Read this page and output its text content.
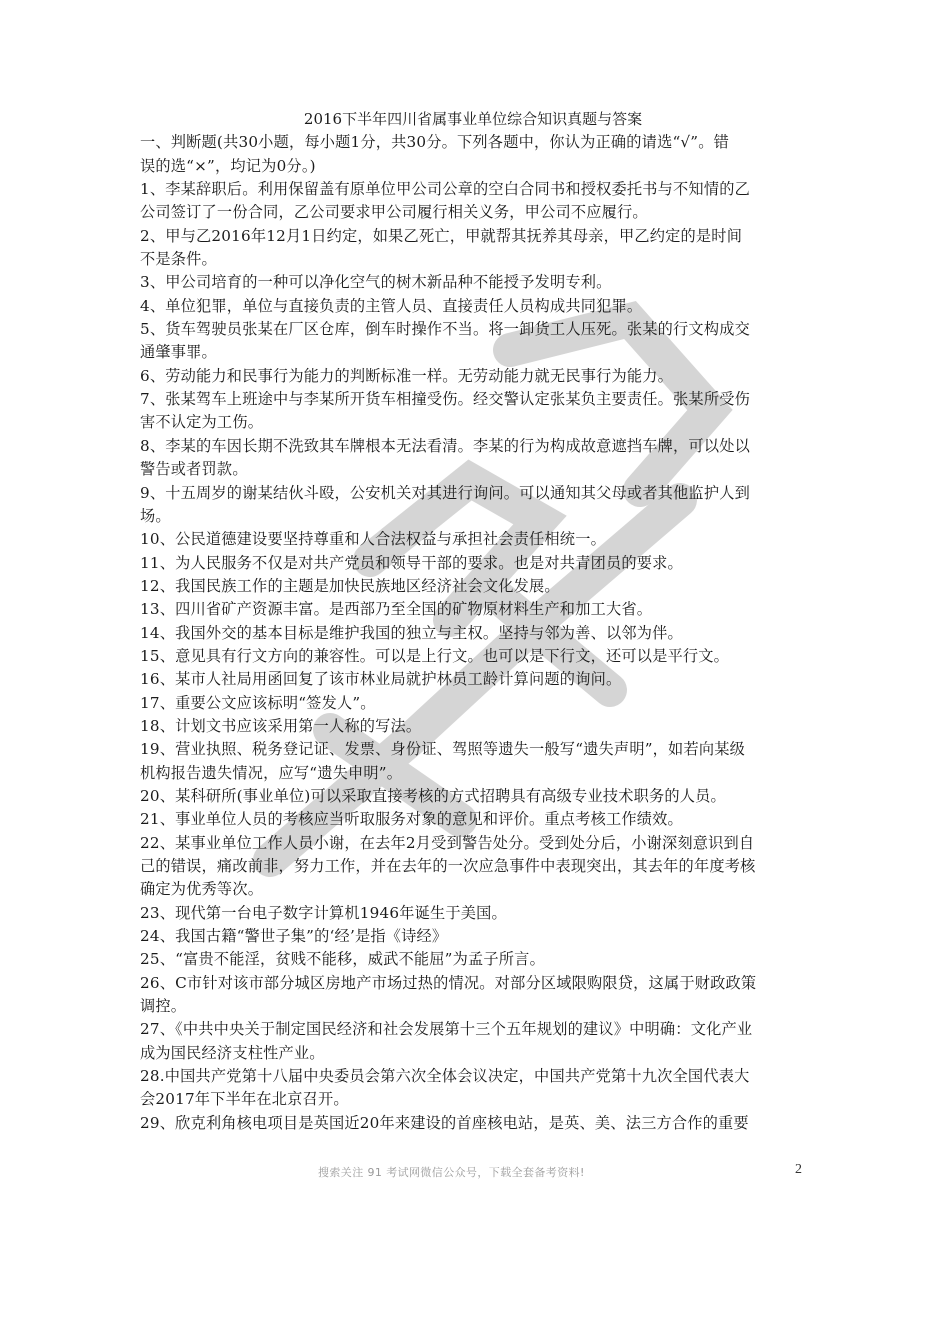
2016下半年四川省属事业单位综合知识真题与答案

一、判断题(共30小题，每小题1分，共30分。下列各题中，你认为正确的请选“√”。错

误的选“×”，均记为0分。)

1、李某辞职后。利用保留盖有原单位甲公司公章的空白合同书和授权委托书与不知情的乙

公司签订了一份合同，乙公司要求甲公司履行相关义务，甲公司不应履行。

2、甲与乙2016年12月1日约定，如果乙死亡，甲就帮其抚养其母亲，甲乙约定的是时间

不是条件。

3、甲公司培育的一种可以净化空气的树木新品种不能授予发明专利。

4、单位犯罪，单位与直接负责的主管人员、直接责任人员构成共同犯罪。

5、货车驾驶员张某在厂区仓库，倒车时操作不当。将一卸货工人压死。张某的行文构成交

通肇事罪。

6、劳动能力和民事行为能力的判断标准一样。无劳动能力就无民事行为能力。

7、张某驾车上班途中与李某所开货车相撞受伤。经交警认定张某负主要责任。张某所受伤

害不认定为工伤。

8、李某的车因长期不洗致其车牌根本无法看清。李某的行为构成故意遮挡车牌，可以处以

警告或者罚款。

9、十五周岁的谢某结伙斗殴，公安机关对其进行询问。可以通知其父母或者其他监护人到

场。

10、公民道德建设要坚持尊重和人合法权益与承担社会责任相统一。

11、为人民服务不仅是对共产党员和领导干部的要求。也是对共青团员的要求。

12、我国民族工作的主题是加快民族地区经济社会文化发展。

13、四川省矿产资源丰富。是西部乃至全国的矿物原材料生产和加工大省。

14、我国外交的基本目标是维护我国的独立与主权。坚持与邻为善、以邻为伴。

15、意见具有行文方向的兼容性。可以是上行文。也可以是下行文，还可以是平行文。

16、某市人社局用函回复了该市林业局就护林员工龄计算问题的询问。

17、重要公文应该标明“签发人”。

18、计划文书应该采用第一人称的写法。

19、营业执照、税务登记证、发票、身份证、驾照等遗失一般写“遗失声明”，如若向某级

机构报告遗失情况，应写“遗失申明”。

20、某科研所(事业单位)可以采取直接考核的方式招聘具有高级专业技术职务的人员。

21、事业单位人员的考核应当听取服务对象的意见和评价。重点考核工作绩效。

22、某事业单位工作人员小谢，在去年2月受到警告处分。受到处分后，小谢深刻意识到自

己的错误，痛改前非，努力工作，并在去年的一次应急事件中表现突出，其去年的年度考核

确定为优秀等次。

23、现代第一台电子数字计算机1946年诞生于美国。

24、我国古籍“警世子集”的‘经’是指《诗经》

25、“富贵不能淫，贫贱不能移，威武不能屈”为孟子所言。

26、C市针对该市部分城区房地产市场过热的情况。对部分区域限购限贷，这属于财政政策

调控。

27、《中共中央关于制定国民经济和社会发展第十三个五年规划的建议》中明确：文化产业

成为国民经济支柱性产业。

28.中国共产党第十八届中央委员会第六次全体会议决定，中国共产党第十九次全国代表大

会2017年下半年在北京召开。

29、欣克利角核电项目是英国近20年来建设的首座核电站，是英、美、法三方合作的重要

搜索关注 91 考试网微信公众号，下载全套备考资料!	2
